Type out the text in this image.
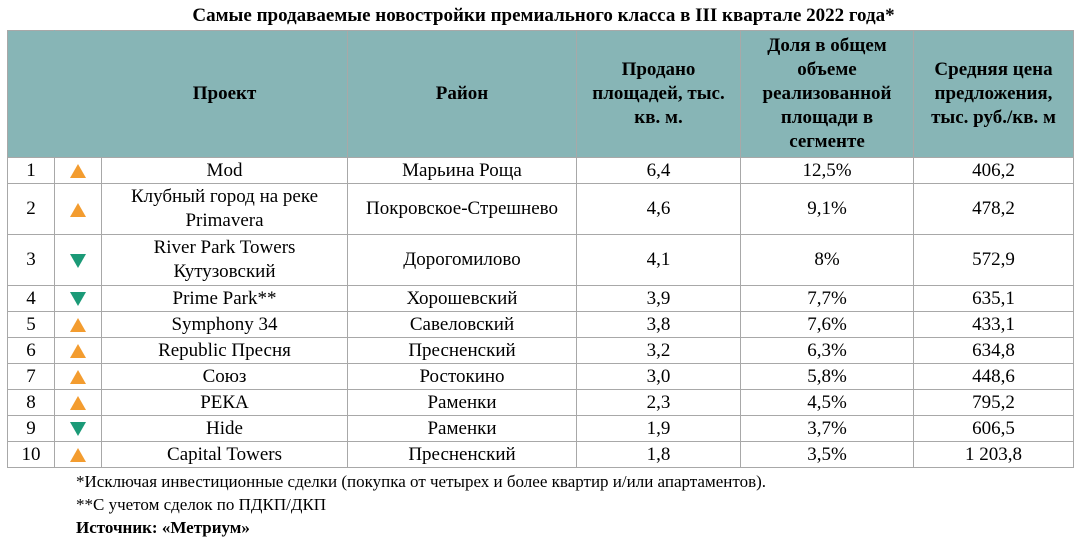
Самые продаваемые новостройки премиального класса в III квартале 2022 года*
		Проект	Район	Продано площадей, тыс. кв. м.	Доля в общем объеме реализованной площади в сегменте	Средняя цена предложения, тыс. руб./кв. м
1		Mod	Марьина Роща	6,4	12,5%	406,2
2		Клубный город на реке Primavera	Покровское-Стрешнево	4,6	9,1%	478,2
3		River Park Towers Кутузовский	Дорогомилово	4,1	8%	572,9
4		Prime Park**	Хорошевский	3,9	7,7%	635,1
5		Symphony 34	Савеловский	3,8	7,6%	433,1
6		Republic Пресня	Пресненский	3,2	6,3%	634,8
7		Союз	Ростокино	3,0	5,8%	448,6
8		РЕКА	Раменки	2,3	4,5%	795,2
9		Hide	Раменки	1,9	3,7%	606,5
10		Capital Towers	Пресненский	1,8	3,5%	1 203,8
*Исключая инвестиционные сделки (покупка от четырех и более квартир и/или апартаментов).
**С учетом сделок по ПДКП/ДКП
Источник: «Метриум»
